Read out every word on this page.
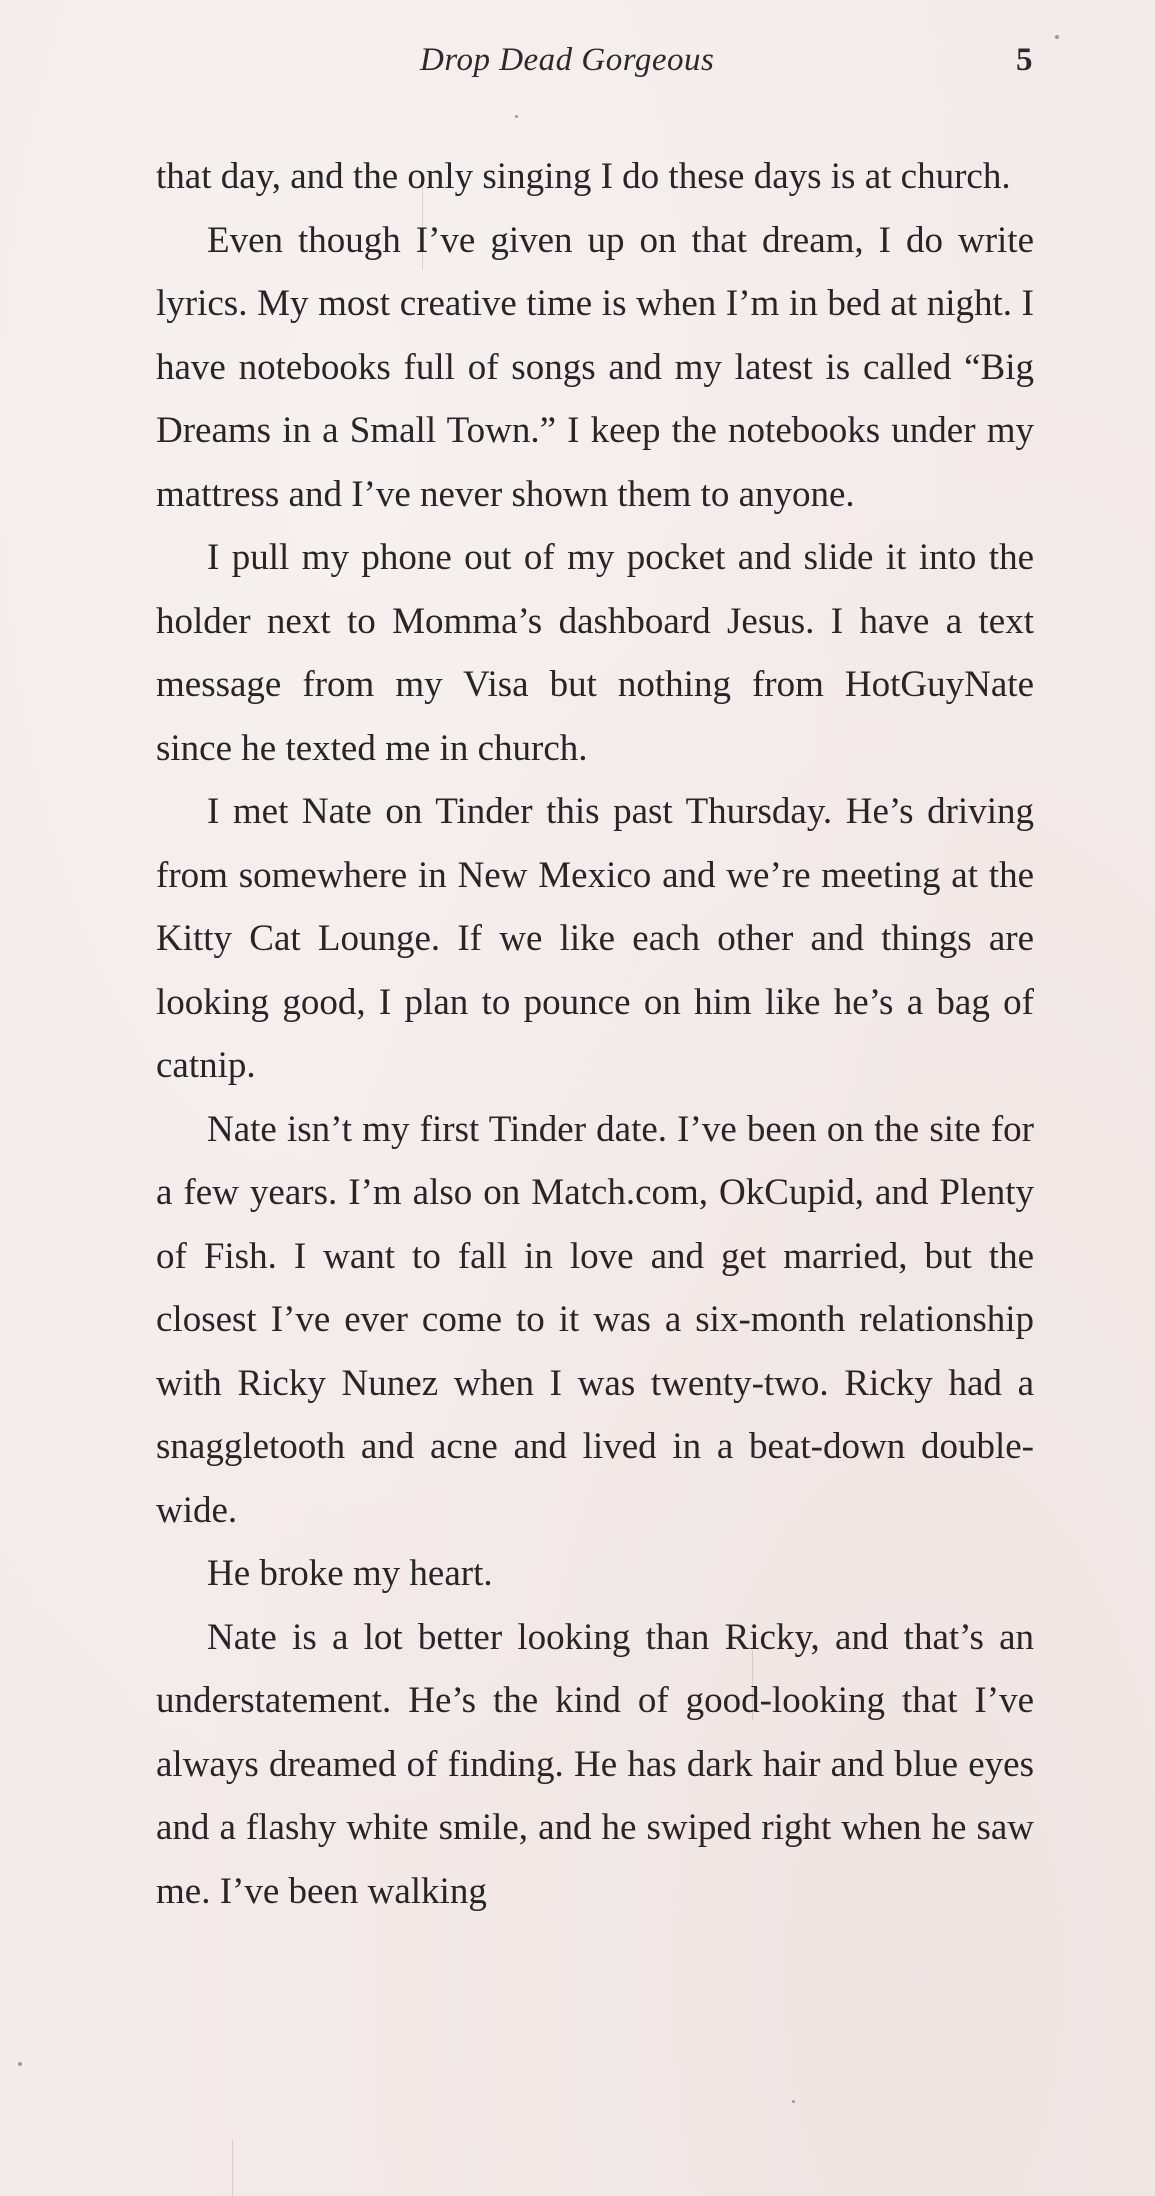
Drop Dead Gorgeous	5

that day, and the only singing I do these days is at church.

Even though I’ve given up on that dream, I do write lyrics. My most creative time is when I’m in bed at night. I have notebooks full of songs and my latest is called “Big Dreams in a Small Town.” I keep the notebooks under my mattress and I’ve never shown them to anyone.

I pull my phone out of my pocket and slide it into the holder next to Momma’s dashboard Jesus. I have a text message from my Visa but nothing from HotGuyNate since he texted me in church.

I met Nate on Tinder this past Thursday. He’s driving from somewhere in New Mexico and we’re meeting at the Kitty Cat Lounge. If we like each other and things are looking good, I plan to pounce on him like he’s a bag of catnip.

Nate isn’t my first Tinder date. I’ve been on the site for a few years. I’m also on Match.com, OkCupid, and Plenty of Fish. I want to fall in love and get married, but the closest I’ve ever come to it was a six-month relationship with Ricky Nunez when I was twenty-two. Ricky had a snaggletooth and acne and lived in a beat-down double-wide.

He broke my heart.

Nate is a lot better looking than Ricky, and that’s an understatement. He’s the kind of good-looking that I’ve always dreamed of finding. He has dark hair and blue eyes and a flashy white smile, and he swiped right when he saw me. I’ve been walking
